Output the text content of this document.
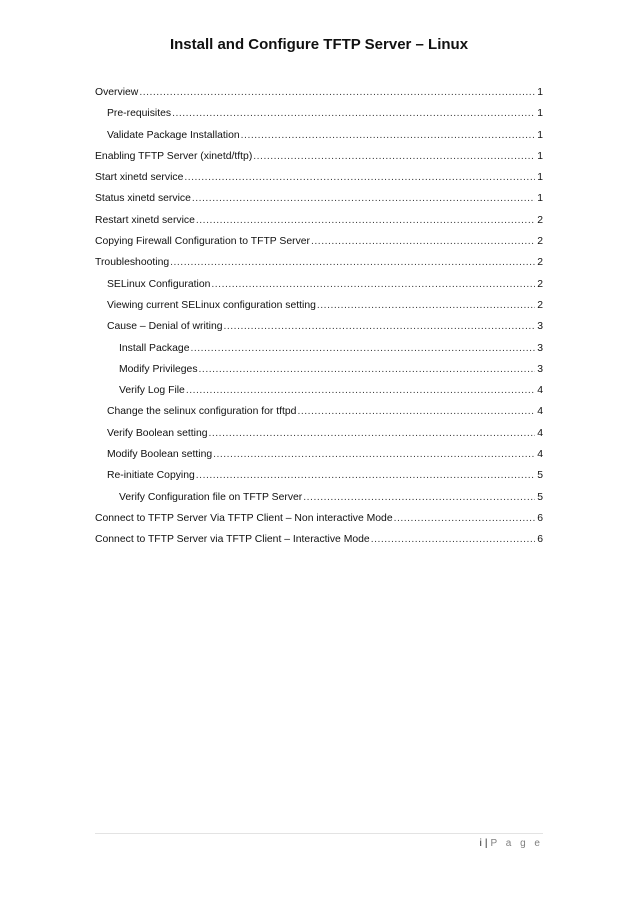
Install and Configure TFTP Server – Linux
Overview .....	1
Pre-requisites .....	1
Validate Package Installation .....	1
Enabling TFTP Server (xinetd/tftp) .....	1
Start xinetd service .....	1
Status xinetd service .....	1
Restart xinetd service .....	2
Copying Firewall Configuration to TFTP Server .....	2
Troubleshooting .....	2
SELinux Configuration .....	2
Viewing current SELinux configuration setting .....	2
Cause – Denial of writing .....	3
Install Package .....	3
Modify Privileges .....	3
Verify Log File .....	4
Change the selinux configuration for tftpd .....	4
Verify Boolean setting .....	4
Modify Boolean setting .....	4
Re-initiate Copying .....	5
Verify Configuration file on TFTP Server .....	5
Connect to TFTP Server Via TFTP Client – Non interactive Mode .....	6
Connect to TFTP Server via TFTP Client – Interactive Mode .....	6
i | P a g e
